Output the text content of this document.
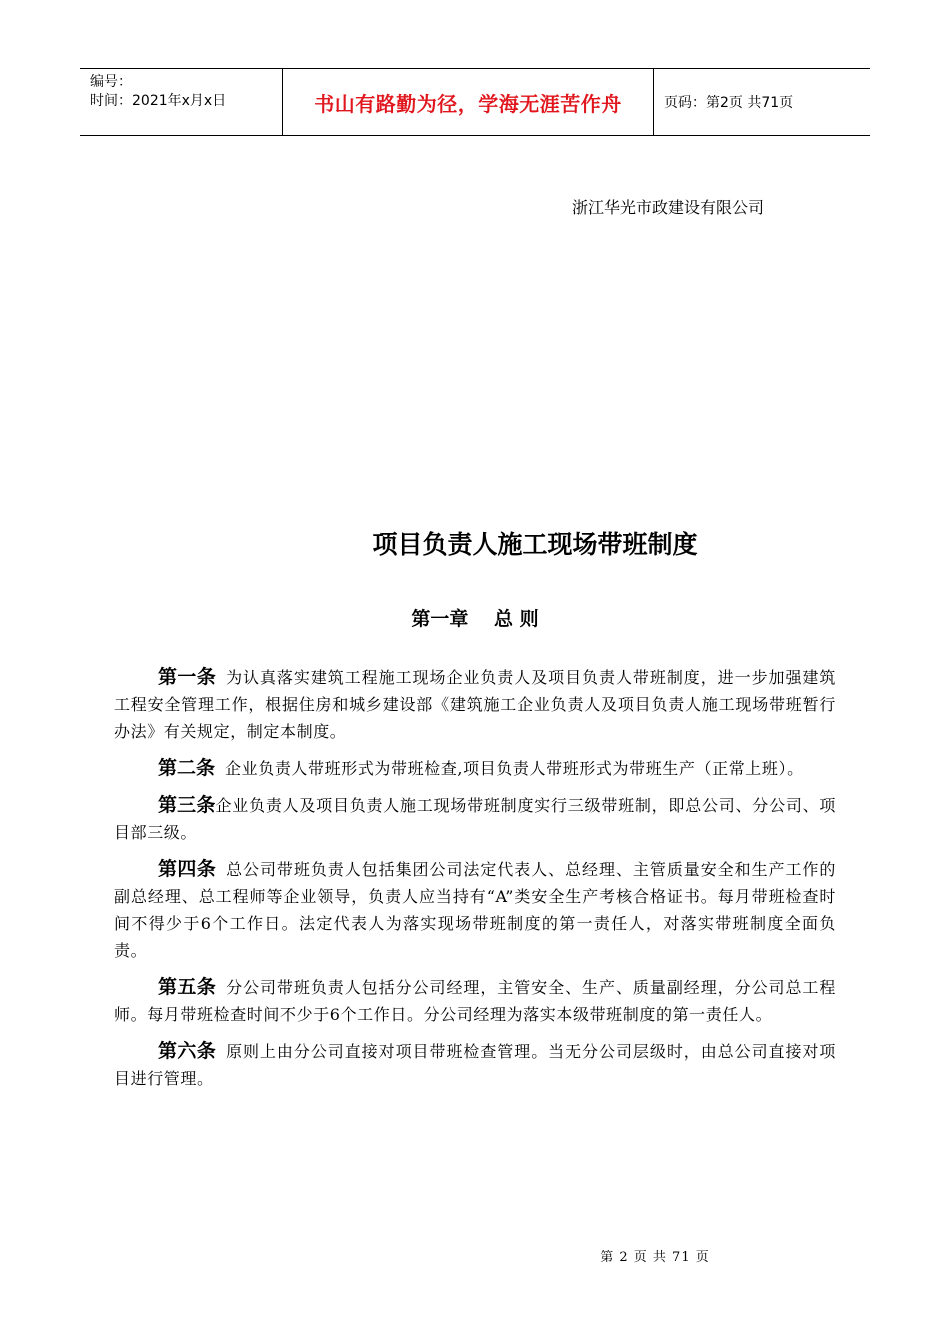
编号：
时间：2021年x月x日	书山有路勤为径，学海无涯苦作舟	页码：第2页 共71页
浙江华光市政建设有限公司
项目负责人施工现场带班制度
第一章　 总 则

第一条 为认真落实建筑工程施工现场企业负责人及项目负责人带班制度，进一步加强建筑工程安全管理工作，根据住房和城乡建设部《建筑施工企业负责人及项目负责人施工现场带班暂行办法》有关规定，制定本制度。

第二条 企业负责人带班形式为带班检查,项目负责人带班形式为带班生产（正常上班）。

第三条企业负责人及项目负责人施工现场带班制度实行三级带班制，即总公司、分公司、项目部三级。

第四条 总公司带班负责人包括集团公司法定代表人、总经理、主管质量安全和生产工作的副总经理、总工程师等企业领导，负责人应当持有“A”类安全生产考核合格证书。每月带班检查时间不得少于6个工作日。法定代表人为落实现场带班制度的第一责任人，对落实带班制度全面负责。

第五条 分公司带班负责人包括分公司经理，主管安全、生产、质量副经理，分公司总工程师。每月带班检查时间不少于6个工作日。分公司经理为落实本级带班制度的第一责任人。

第六条 原则上由分公司直接对项目带班检查管理。当无分公司层级时，由总公司直接对项目进行管理。

第 2 页 共 71 页
